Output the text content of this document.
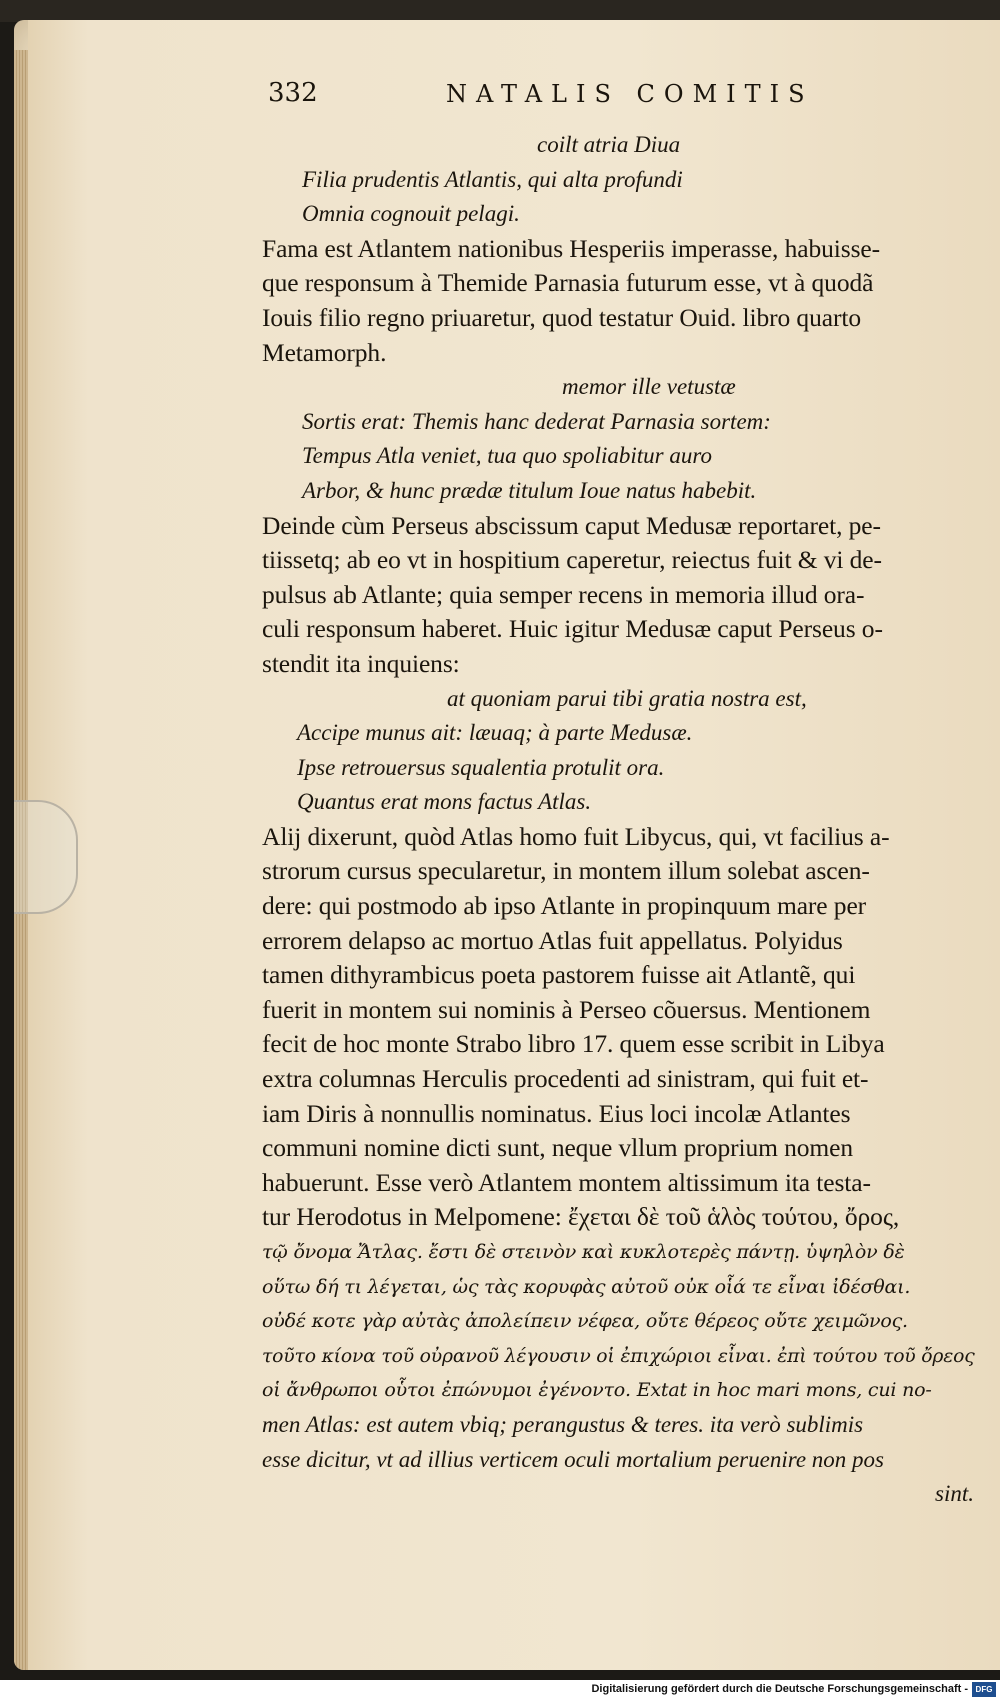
332	NATALIS COMITIS
coilt atria Diua
Filia prudentis Atlantis, qui alta profundi
Omnia cognouit pelagi.
Fama est Atlantem nationibus Hesperiis imperasse, habuisse-
que responsum à Themide Parnasia futurum esse, vt à quodã
Iouis filio regno priuaretur, quod testatur Ouid. libro quarto
Metamorph.
memor ille vetustæ
Sortis erat: Themis hanc dederat Parnasia sortem:
Tempus Atla veniet, tua quo spoliabitur auro
Arbor, & hunc prædæ titulum Ioue natus habebit.
Deinde cùm Perseus abscissum caput Medusæ reportaret, pe-
tiissetq; ab eo vt in hospitium caperetur, reiectus fuit & vi de-
pulsus ab Atlante; quia semper recens in memoria illud ora-
culi responsum haberet. Huic igitur Medusæ caput Perseus o-
stendit ita inquiens:
at quoniam parui tibi gratia nostra est,
Accipe munus ait: læuaq; à parte Medusæ.
Ipse retrouersus squalentia protulit ora.
Quantus erat mons factus Atlas.
Alij dixerunt, quòd Atlas homo fuit Libycus, qui, vt facilius a-
strorum cursus specularetur, in montem illum solebat ascen-
dere: qui postmodo ab ipso Atlante in propinquum mare per
errorem delapso ac mortuo Atlas fuit appellatus. Polyidus
tamen dithyrambicus poeta pastorem fuisse ait Atlantẽ, qui
fuerit in montem sui nominis à Perseo cõuersus. Mentionem
fecit de hoc monte Strabo libro 17. quem esse scribit in Libya
extra columnas Herculis procedenti ad sinistram, qui fuit et-
iam Diris à nonnullis nominatus. Eius loci incolæ Atlantes
communi nomine dicti sunt, neque vllum proprium nomen
habuerunt. Esse verò Atlantem montem altissimum ita testa-
tur Herodotus in Melpomene: ἔχεται δὲ τοῦ ἁλὸς τούτου, ὄρος,
τῷ ὄνομα Ἄτλας. ἔστι δὲ στεινὸν καὶ κυκλοτερὲς πάντῃ. ὑψηλὸν δὲ
οὕτω δή τι λέγεται, ὡς τὰς κορυφὰς αὐτοῦ οὐκ οἷά τε εἶναι ἰδέσθαι.
οὐδέ κοτε γὰρ αὐτὰς ἀπολείπειν νέφεα, οὔτε θέρεος οὔτε χειμῶνος.
τοῦτο κίονα τοῦ οὐρανοῦ λέγουσιν οἱ ἐπιχώριοι εἶναι. ἐπὶ τούτου τοῦ ὄρεος
οἱ ἄνθρωποι οὗτοι ἐπώνυμοι ἐγένοντο. Extat in hoc mari mons, cui no-
men Atlas: est autem vbiq; perangustus & teres. ita verò sublimis
esse dicitur, vt ad illius verticem oculi mortalium peruenire non pos
sint.
Digitalisierung gefördert durch die Deutsche Forschungsgemeinschaft - DFG
